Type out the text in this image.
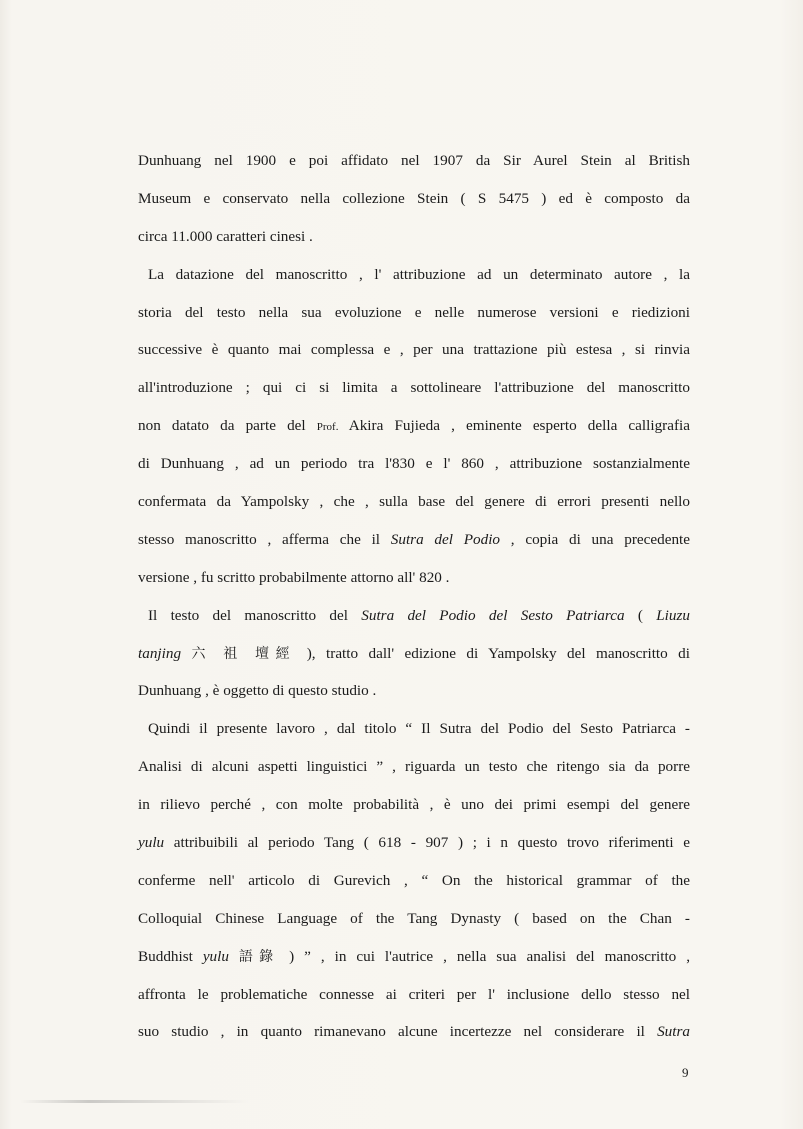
Dunhuang nel 1900 e poi affidato nel 1907 da Sir Aurel Stein al British
Museum e conservato nella collezione Stein ( S 5475 ) ed è composto da
circa 11.000 caratteri cinesi .
La datazione del manoscritto , l' attribuzione ad un determinato autore , la
storia del testo nella sua evoluzione e nelle numerose versioni e riedizioni
successive è quanto mai complessa e , per una trattazione più estesa , si rinvia
all'introduzione ; qui ci si limita a sottolineare l'attribuzione del manoscritto
non datato da parte del Prof. Akira Fujieda , eminente esperto della calligrafia
di Dunhuang , ad un periodo tra l'830 e l' 860 , attribuzione sostanzialmente
confermata da Yampolsky , che , sulla base del genere di errori presenti nello
stesso manoscritto , afferma che il Sutra del Podio , copia di una precedente
versione , fu scritto probabilmente attorno all' 820 .
Il testo del manoscritto del Sutra del Podio del Sesto Patriarca ( Liuzu
tanjing 六 祖 壇經 ), tratto dall' edizione di Yampolsky del manoscritto di
Dunhuang , è oggetto di questo studio .
Quindi il presente lavoro , dal titolo “ Il Sutra del Podio del Sesto Patriarca -
Analisi di alcuni aspetti linguistici ” , riguarda un testo che ritengo sia da porre
in rilievo perché , con molte probabilità , è uno dei primi esempi del genere
yulu attribuibili al periodo Tang ( 618 - 907 ) ; i n questo trovo riferimenti e
conferme nell' articolo di Gurevich , “ On the historical grammar of the
Colloquial Chinese Language of the Tang Dynasty ( based on the Chan -
Buddhist yulu 語錄 ) ” , in cui l'autrice , nella sua analisi del manoscritto ,
affronta le problematiche connesse ai criteri per l' inclusione dello stesso nel
suo studio , in quanto rimanevano alcune incertezze nel considerare il Sutra
9
